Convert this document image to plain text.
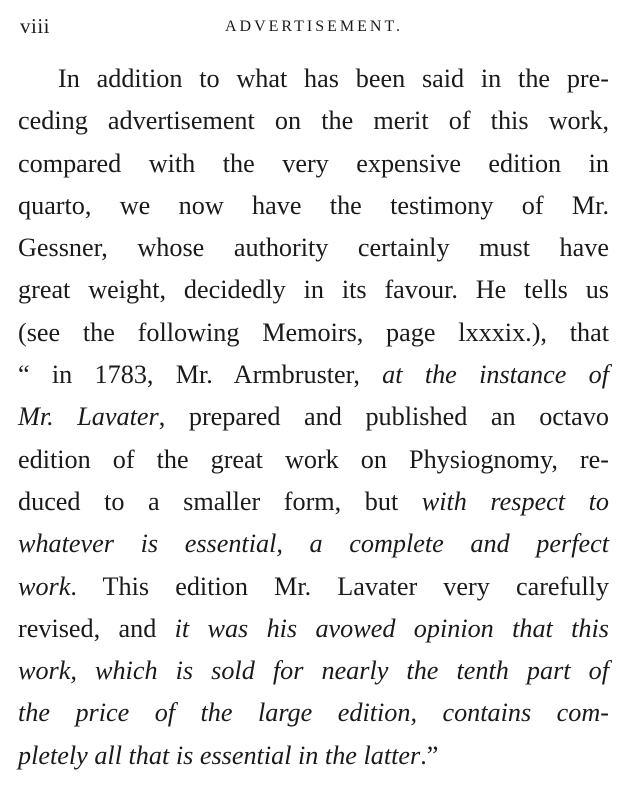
viii	ADVERTISEMENT.
In addition to what has been said in the pre-
ceding advertisement on the merit of this work,
compared with the very expensive edition in
quarto, we now have the testimony of Mr.
Gessner, whose authority certainly must have
great weight, decidedly in its favour. He tells us
(see the following Memoirs, page lxxxix.), that
“ in 1783, Mr. Armbruster, at the instance of
Mr. Lavater, prepared and published an octavo
edition of the great work on Physiognomy, re-
duced to a smaller form, but with respect to
whatever is essential, a complete and perfect
work. This edition Mr. Lavater very carefully
revised, and it was his avowed opinion that this
work, which is sold for nearly the tenth part of
the price of the large edition, contains com-
pletely all that is essential in the latter.”
